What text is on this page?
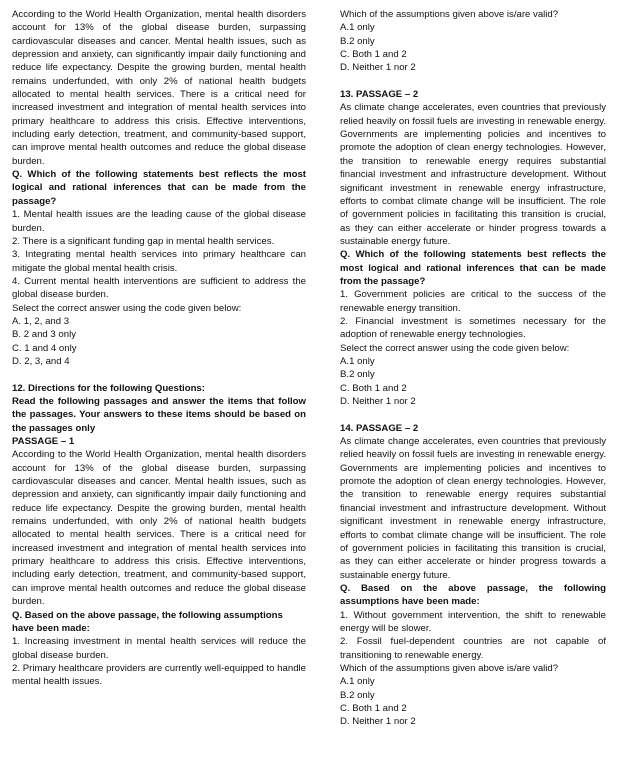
According to the World Health Organization, mental health disorders account for 13% of the global disease burden, surpassing cardiovascular diseases and cancer. Mental health issues, such as depression and anxiety, can significantly impair daily functioning and reduce life expectancy. Despite the growing burden, mental health remains underfunded, with only 2% of national health budgets allocated to mental health services. There is a critical need for increased investment and integration of mental health services into primary healthcare to address this crisis. Effective interventions, including early detection, treatment, and community-based support, can improve mental health outcomes and reduce the global disease burden.

Q. Which of the following statements best reflects the most logical and rational inferences that can be made from the passage?

1. Mental health issues are the leading cause of the global disease burden.

2. There is a significant funding gap in mental health services.

3. Integrating mental health services into primary healthcare can mitigate the global mental health crisis.

4. Current mental health interventions are sufficient to address the global disease burden.

Select the correct answer using the code given below:

A. 1, 2, and 3

B. 2 and 3 only

C. 1 and 4 only

D. 2, 3, and 4

12. Directions for the following Questions:

Read the following passages and answer the items that follow the passages. Your answers to these items should be based on the passages only

PASSAGE – 1

According to the World Health Organization, mental health disorders account for 13% of the global disease burden, surpassing cardiovascular diseases and cancer. Mental health issues, such as depression and anxiety, can significantly impair daily functioning and reduce life expectancy. Despite the growing burden, mental health remains underfunded, with only 2% of national health budgets allocated to mental health services. There is a critical need for increased investment and integration of mental health services into primary healthcare to address this crisis. Effective interventions, including early detection, treatment, and community-based support, can improve mental health outcomes and reduce the global disease burden.

Q. Based on the above passage, the following assumptions have been made:

1. Increasing investment in mental health services will reduce the global disease burden.

2. Primary healthcare providers are currently well-equipped to handle mental health issues.

Which of the assumptions given above is/are valid?

A.1 only

B.2 only

C. Both 1 and 2

D. Neither 1 nor 2

13. PASSAGE – 2

As climate change accelerates, even countries that previously relied heavily on fossil fuels are investing in renewable energy. Governments are implementing policies and incentives to promote the adoption of clean energy technologies. However, the transition to renewable energy requires substantial financial investment and infrastructure development. Without significant investment in renewable energy infrastructure, efforts to combat climate change will be insufficient. The role of government policies in facilitating this transition is crucial, as they can either accelerate or hinder progress towards a sustainable energy future.

Q. Which of the following statements best reflects the most logical and rational inferences that can be made from the passage?

1. Government policies are critical to the success of the renewable energy transition.

2. Financial investment is sometimes necessary for the adoption of renewable energy technologies.

Select the correct answer using the code given below:

A.1 only

B.2 only

C. Both 1 and 2

D. Neither 1 nor 2

14. PASSAGE – 2

As climate change accelerates, even countries that previously relied heavily on fossil fuels are investing in renewable energy. Governments are implementing policies and incentives to promote the adoption of clean energy technologies. However, the transition to renewable energy requires substantial financial investment and infrastructure development. Without significant investment in renewable energy infrastructure, efforts to combat climate change will be insufficient. The role of government policies in facilitating this transition is crucial, as they can either accelerate or hinder progress towards a sustainable energy future.

Q. Based on the above passage, the following assumptions have been made:

1. Without government intervention, the shift to renewable energy will be slower.

2. Fossil fuel-dependent countries are not capable of transitioning to renewable energy.

Which of the assumptions given above is/are valid?

A.1 only

B.2 only

C. Both 1 and 2

D. Neither 1 nor 2
